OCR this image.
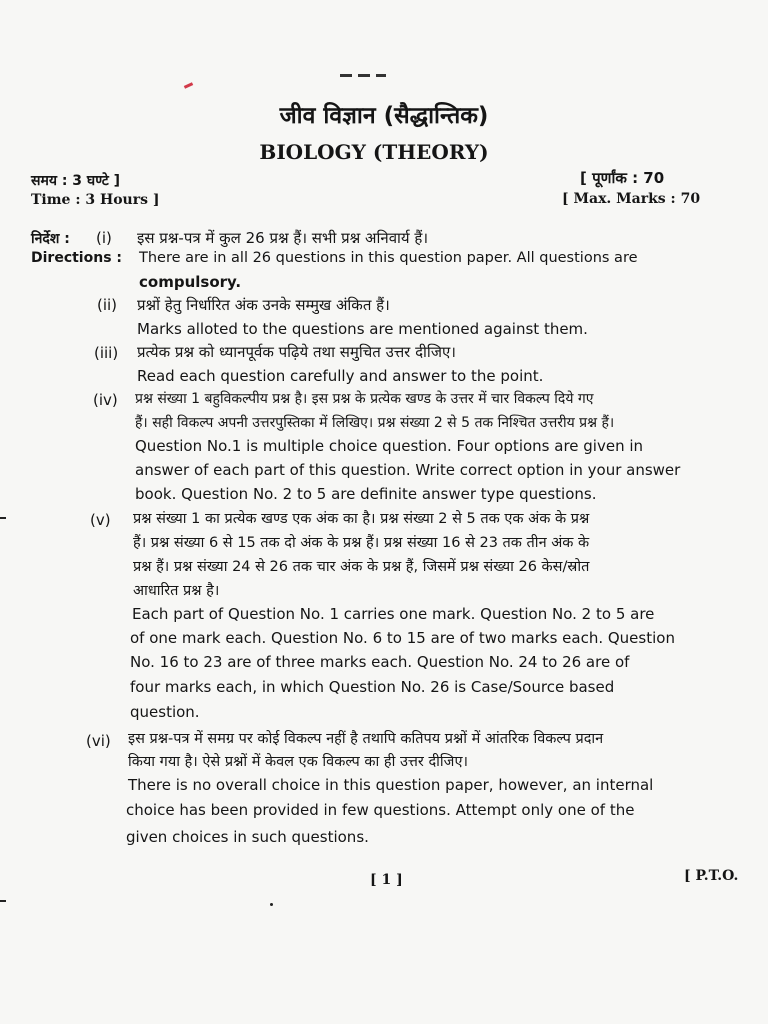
जीव विज्ञान (सैद्धान्तिक)
BIOLOGY (THEORY)
समय : 3 घण्टे ]
Time : 3 Hours ]
[ पूर्णांक : 70
[ Max. Marks : 70
निर्देश :
Directions :
(i) इस प्रश्न-पत्र में कुल 26 प्रश्न हैं। सभी प्रश्न अनिवार्य हैं।
There are in all 26 questions in this question paper. All questions are
compulsory.
(ii) प्रश्नों हेतु निर्धारित अंक उनके सम्मुख अंकित हैं।
Marks alloted to the questions are mentioned against them.
(iii) प्रत्येक प्रश्न को ध्यानपूर्वक पढ़िये तथा समुचित उत्तर दीजिए।
Read each question carefully and answer to the point.
(iv) प्रश्न संख्या 1 बहुविकल्पीय प्रश्न है। इस प्रश्न के प्रत्येक खण्ड के उत्तर में चार विकल्प दिये गए
हैं। सही विकल्प अपनी उत्तरपुस्तिका में लिखिए। प्रश्न संख्या 2 से 5 तक निश्चित उत्तरीय प्रश्न हैं।
Question No.1 is multiple choice question. Four options are given in
answer of each part of this question. Write correct option in your answer
book. Question No. 2 to 5 are definite answer type questions.
(v) प्रश्न संख्या 1 का प्रत्येक खण्ड एक अंक का है। प्रश्न संख्या 2 से 5 तक एक अंक के प्रश्न
हैं। प्रश्न संख्या 6 से 15 तक दो अंक के प्रश्न हैं। प्रश्न संख्या 16 से 23 तक तीन अंक के
प्रश्न हैं। प्रश्न संख्या 24 से 26 तक चार अंक के प्रश्न हैं, जिसमें प्रश्न संख्या 26 केस/स्रोत
आधारित प्रश्न है।
Each part of Question No. 1 carries one mark. Question No. 2 to 5 are
of one mark each. Question No. 6 to 15 are of two marks each. Question
No. 16 to 23 are of three marks each. Question No. 24 to 26 are of
four marks each, in which Question No. 26 is Case/Source based
question.
(vi) इस प्रश्न-पत्र में समग्र पर कोई विकल्प नहीं है तथापि कतिपय प्रश्नों में आंतरिक विकल्प प्रदान
किया गया है। ऐसे प्रश्नों में केवल एक विकल्प का ही उत्तर दीजिए।
There is no overall choice in this question paper, however, an internal
choice has been provided in few questions. Attempt only one of the
given choices in such questions.
[ 1 ]	[ P.T.O.
